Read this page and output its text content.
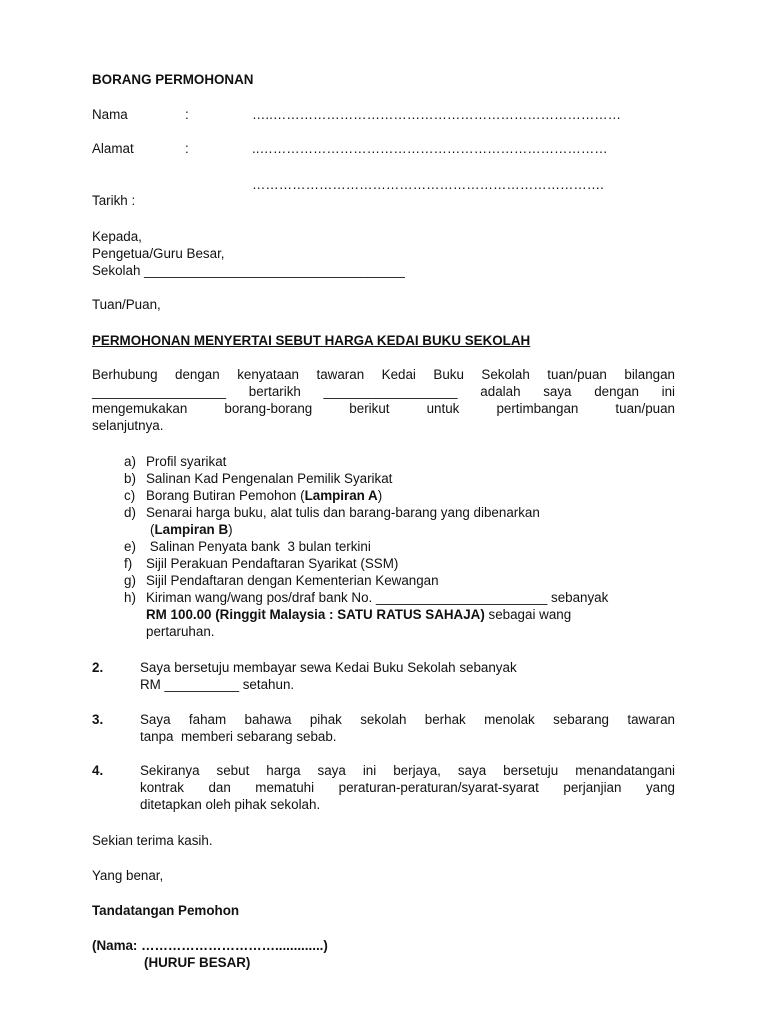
BORANG PERMOHONAN
Nama	:	…..……………………………………………………………………
Alamat	:	..……………………………………………………………………
…………………………………………………………………….
Tarikh :
Kepada,
Pengetua/Guru Besar,
Sekolah ___________________________________
Tuan/Puan,
PERMOHONAN MENYERTAI SEBUT HARGA KEDAI BUKU SEKOLAH
Berhubung dengan kenyataan tawaran Kedai Buku Sekolah tuan/puan bilangan
__________________ bertarikh __________________ adalah saya dengan ini
mengemukakan borang-borang berikut untuk pertimbangan tuan/puan
selanjutnya.
a) Profil syarikat
b) Salinan Kad Pengenalan Pemilik Syarikat
c) Borang Butiran Pemohon (Lampiran A)
d) Senarai harga buku, alat tulis dan barang-barang yang dibenarkan
(Lampiran B)
e) Salinan Penyata bank  3 bulan terkini
f) Sijil Perakuan Pendaftaran Syarikat (SSM)
g) Sijil Pendaftaran dengan Kementerian Kewangan
h) Kiriman wang/wang pos/draf bank No. _______________________ sebanyak
RM 100.00 (Ringgit Malaysia : SATU RATUS SAHAJA) sebagai wang
pertaruhan.
2.	Saya bersetuju membayar sewa Kedai Buku Sekolah sebanyak
RM __________ setahun.
3.	Saya faham bahawa pihak sekolah berhak menolak sebarang tawaran
tanpa  memberi sebarang sebab.
4.	Sekiranya sebut harga saya ini berjaya, saya bersetuju menandatangani
kontrak dan mematuhi peraturan-peraturan/syarat-syarat perjanjian yang
ditetapkan oleh pihak sekolah.
Sekian terima kasih.
Yang benar,
Tandatangan Pemohon
(Nama: ………………………….............)
(HURUF BESAR)
